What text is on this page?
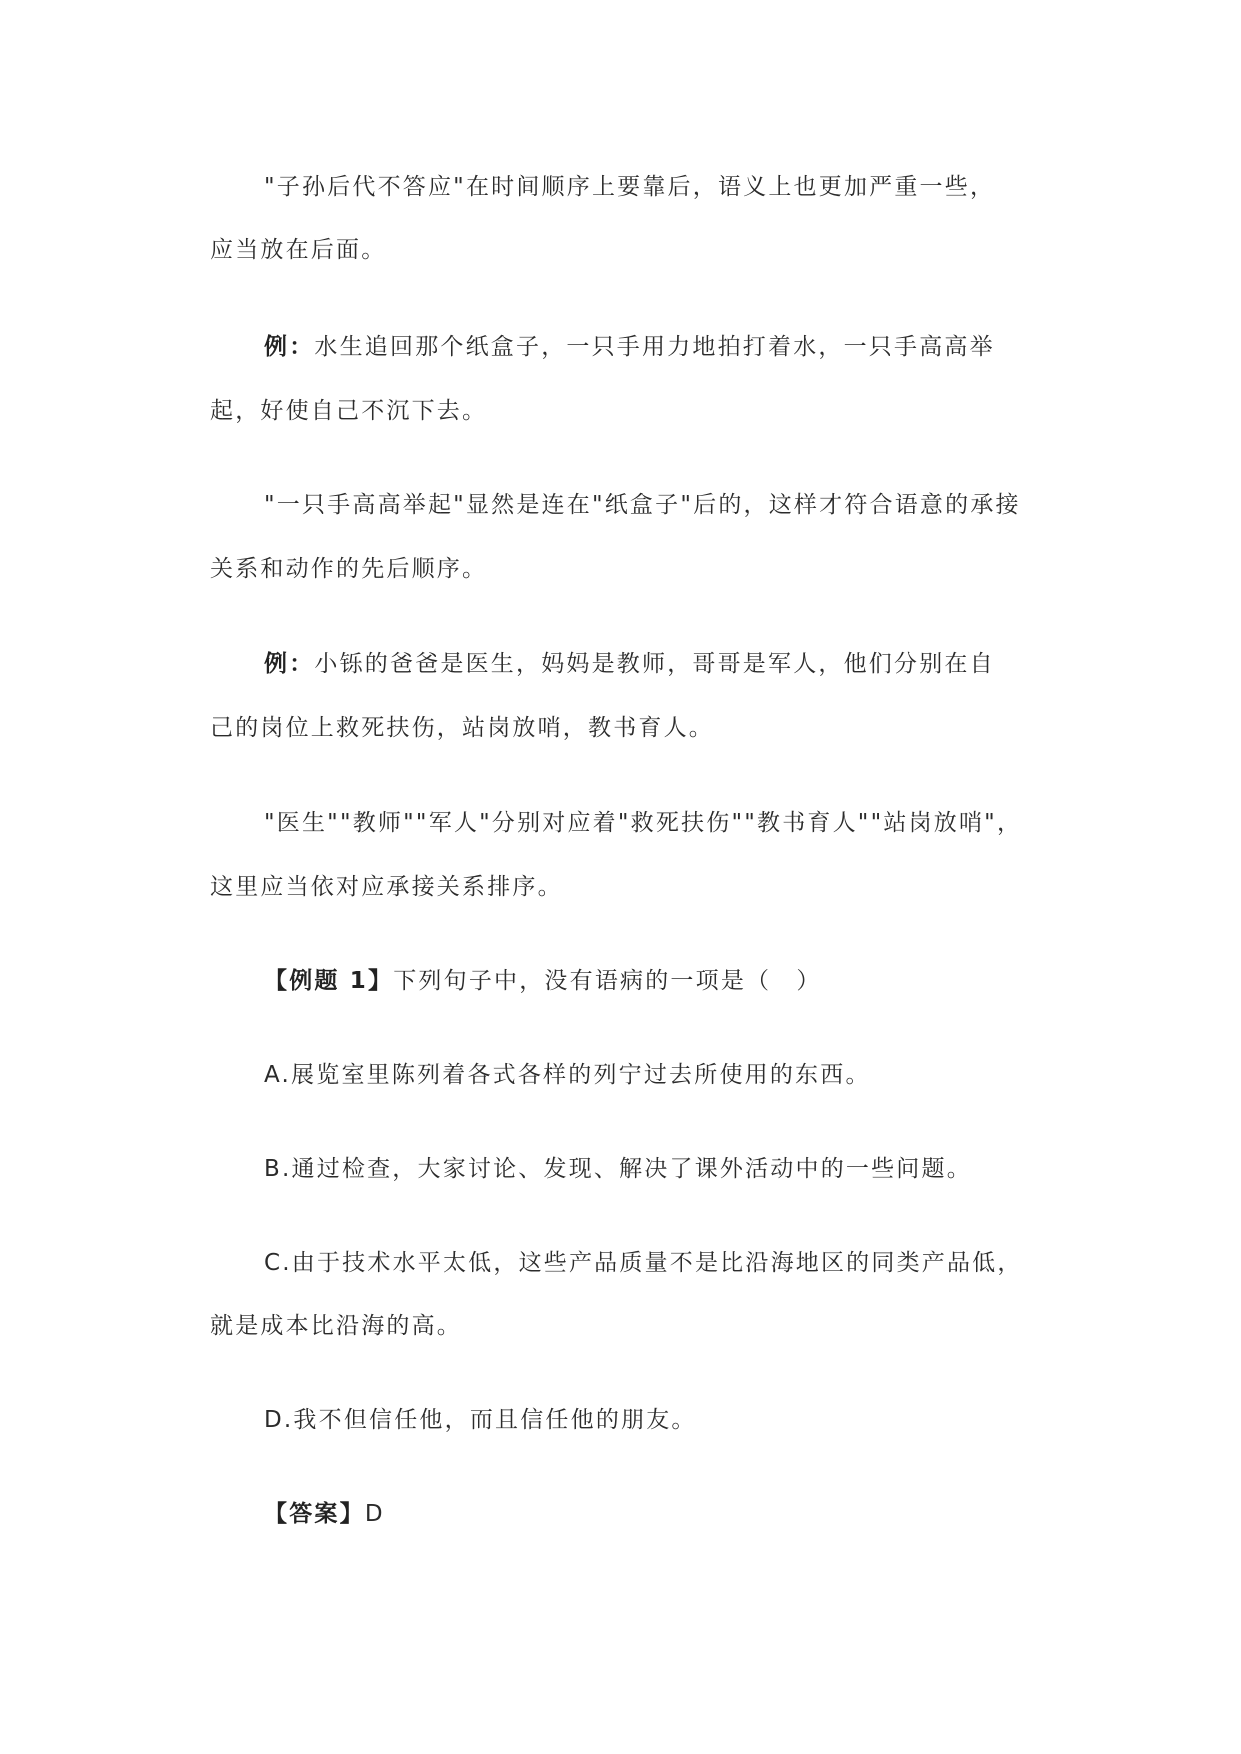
"子孙后代不答应"在时间顺序上要靠后，语义上也更加严重一些，
应当放在后面。
例：水生追回那个纸盒子，一只手用力地拍打着水，一只手高高举
起，好使自己不沉下去。
"一只手高高举起"显然是连在"纸盒子"后的，这样才符合语意的承接
关系和动作的先后顺序。
例：小铄的爸爸是医生，妈妈是教师，哥哥是军人，他们分别在自
己的岗位上救死扶伤，站岗放哨，教书育人。
"医生""教师""军人"分别对应着"救死扶伤""教书育人""站岗放哨"，
这里应当依对应承接关系排序。
【例题 1】下列句子中，没有语病的一项是（　）
A.展览室里陈列着各式各样的列宁过去所使用的东西。
B.通过检查，大家讨论、发现、解决了课外活动中的一些问题。
C.由于技术水平太低，这些产品质量不是比沿海地区的同类产品低，
就是成本比沿海的高。
D.我不但信任他，而且信任他的朋友。
【答案】D
